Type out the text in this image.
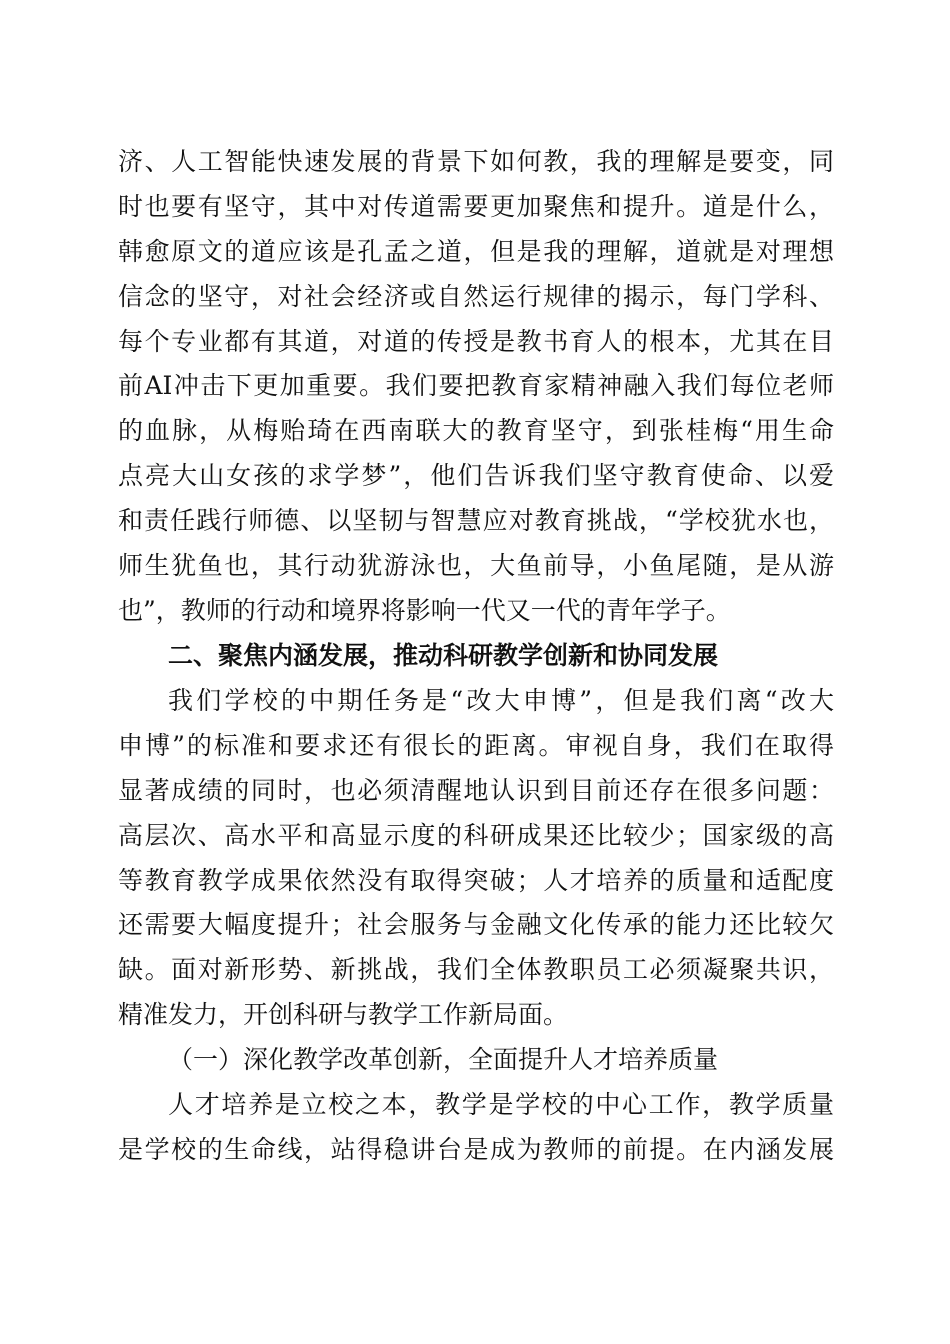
济、人工智能快速发展的背景下如何教，我的理解是要变，同
时也要有坚守，其中对传道需要更加聚焦和提升。道是什么，
韩愈原文的道应该是孔孟之道，但是我的理解，道就是对理想
信念的坚守，对社会经济或自然运行规律的揭示，每门学科、
每个专业都有其道，对道的传授是教书育人的根本，尤其在目
前AI冲击下更加重要。我们要把教育家精神融入我们每位老师
的血脉，从梅贻琦在西南联大的教育坚守，到张桂梅“用生命
点亮大山女孩的求学梦”，他们告诉我们坚守教育使命、以爱
和责任践行师德、以坚韧与智慧应对教育挑战，“学校犹水也，
师生犹鱼也，其行动犹游泳也，大鱼前导，小鱼尾随，是从游
也”，教师的行动和境界将影响一代又一代的青年学子。
二、聚焦内涵发展，推动科研教学创新和协同发展
我们学校的中期任务是“改大申博”，但是我们离“改大
申博”的标准和要求还有很长的距离。审视自身，我们在取得
显著成绩的同时，也必须清醒地认识到目前还存在很多问题：
高层次、高水平和高显示度的科研成果还比较少；国家级的高
等教育教学成果依然没有取得突破；人才培养的质量和适配度
还需要大幅度提升；社会服务与金融文化传承的能力还比较欠
缺。面对新形势、新挑战，我们全体教职员工必须凝聚共识，
精准发力，开创科研与教学工作新局面。
（一）深化教学改革创新，全面提升人才培养质量
人才培养是立校之本，教学是学校的中心工作，教学质量
是学校的生命线，站得稳讲台是成为教师的前提。在内涵发展
